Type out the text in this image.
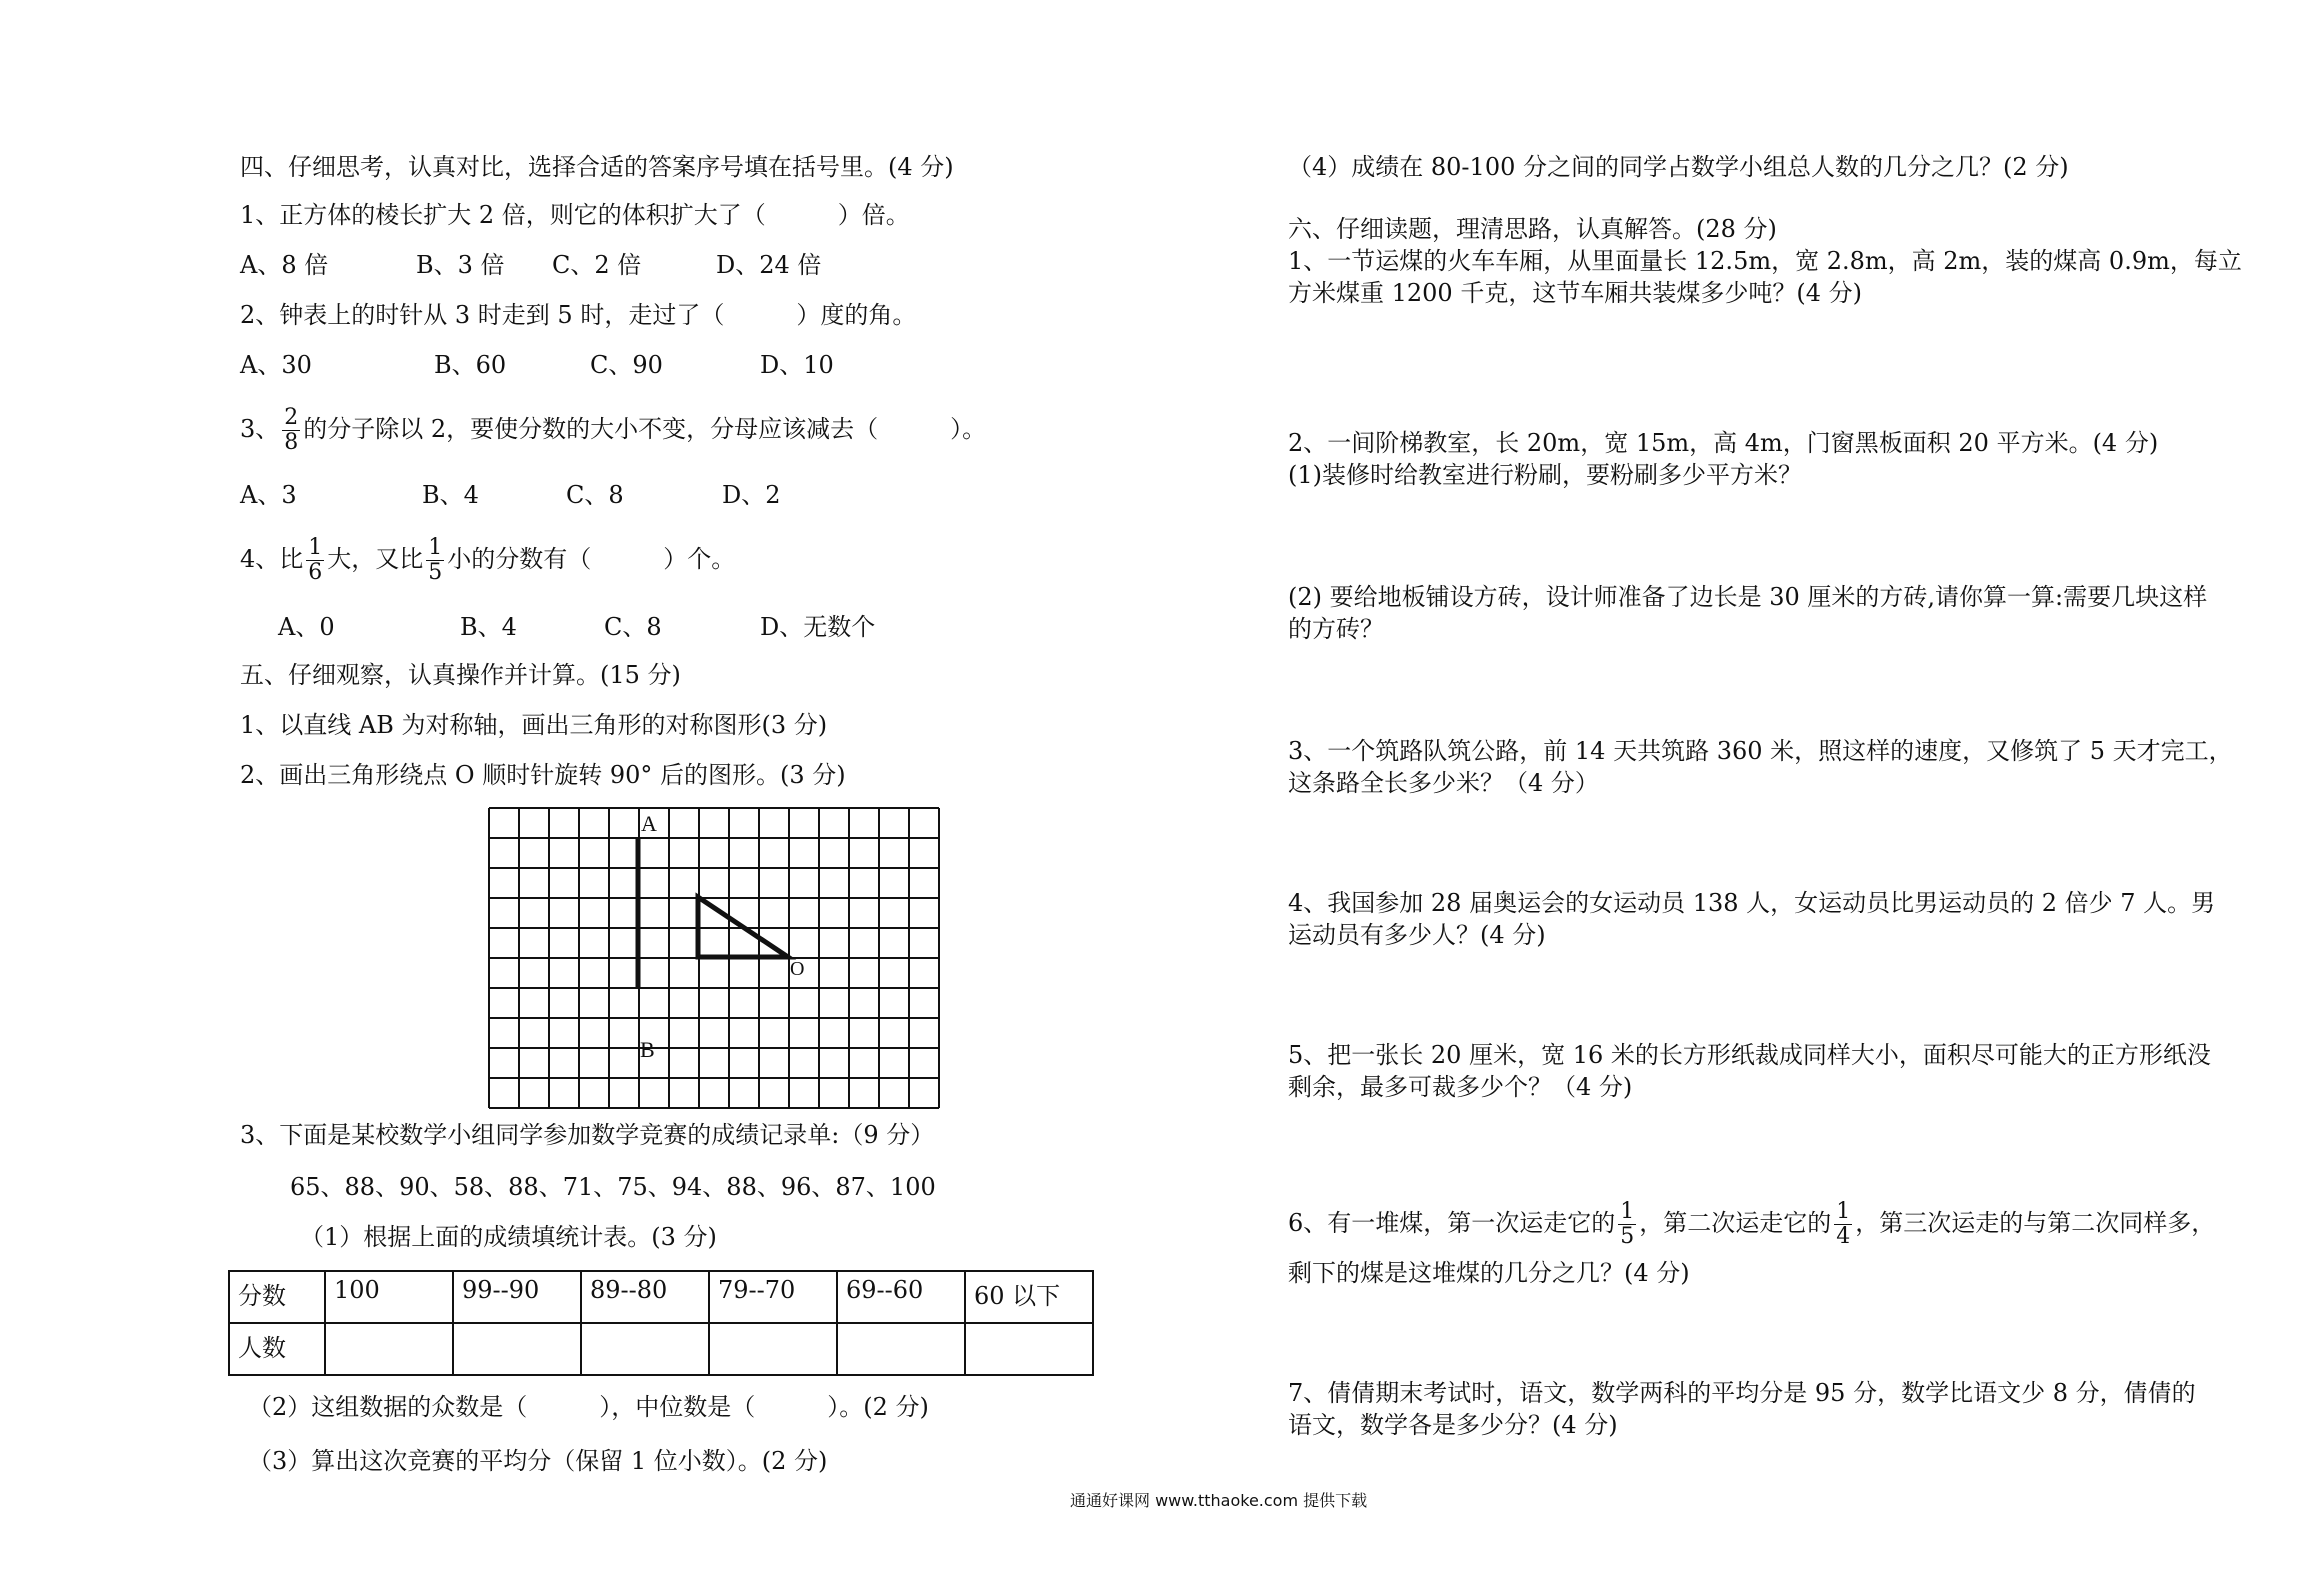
四、仔细思考，认真对比，选择合适的答案序号填在括号里。(4 分)
1、正方体的棱长扩大 2 倍，则它的体积扩大了（　　　）倍。
A、8 倍	B、3 倍 C、2 倍	D、24 倍
2、钟表上的时针从 3 时走到 5 时，走过了（　　　）度的角。
A、30	B、60	C、90	D、10
3、 $\frac{2}{8}$ 的分子除以 2，要使分数的大小不变，分母应该减去（　　　）。
A、3	B、4	C、8	D、2
4、比 $\frac{1}{6}$ 大，又比 $\frac{1}{5}$ 小的分数有（　　　）个。
A、0	B、4	C、8	D、无数个
五、仔细观察，认真操作并计算。(15 分)
1、以直线 AB 为对称轴，画出三角形的对称图形(3 分)
2、画出三角形绕点 O 顺时针旋转 90° 后的图形。(3 分)
A
B
O
3、下面是某校数学小组同学参加数学竞赛的成绩记录单:（9 分）
65、88、90、58、88、71、75、94、88、96、87、100
（1）根据上面的成绩填统计表。(3 分)
分数	100	99--90	89--80	79--70	69--60	60 以下
人数						
（2）这组数据的众数是（　　　），中位数是（　　　）。(2 分)
（3）算出这次竞赛的平均分（保留 1 位小数）。(2 分)
（4）成绩在 80-100 分之间的同学占数学小组总人数的几分之几？(2 分)
六、仔细读题，理清思路，认真解答。(28 分)
1、一节运煤的火车车厢，从里面量长 12.5m，宽 2.8m，高 2m，装的煤高 0.9m，每立
方米煤重 1200 千克，这节车厢共装煤多少吨？(4 分)
2、一间阶梯教室，长 20m，宽 15m，高 4m，门窗黑板面积 20 平方米。(4 分)
(1)装修时给教室进行粉刷，要粉刷多少平方米？
(2) 要给地板铺设方砖，设计师准备了边长是 30 厘米的方砖,请你算一算:需要几块这样
的方砖？
3、一个筑路队筑公路，前 14 天共筑路 360 米，照这样的速度，又修筑了 5 天才完工，
这条路全长多少米？（4 分）
4、我国参加 28 届奥运会的女运动员 138 人，女运动员比男运动员的 2 倍少 7 人。男
运动员有多少人？(4 分)
5、把一张长 20 厘米，宽 16 米的长方形纸裁成同样大小，面积尽可能大的正方形纸没
剩余，最多可裁多少个？（4 分)
6、有一堆煤，第一次运走它的 $\frac{1}{5}$ ，第二次运走它的 $\frac{1}{4}$ ，第三次运走的与第二次同样多，
剩下的煤是这堆煤的几分之几？(4 分)
7、倩倩期末考试时，语文，数学两科的平均分是 95 分，数学比语文少 8 分，倩倩的
语文，数学各是多少分？(4 分)
通通好课网 www.tthaoke.com 提供下载
